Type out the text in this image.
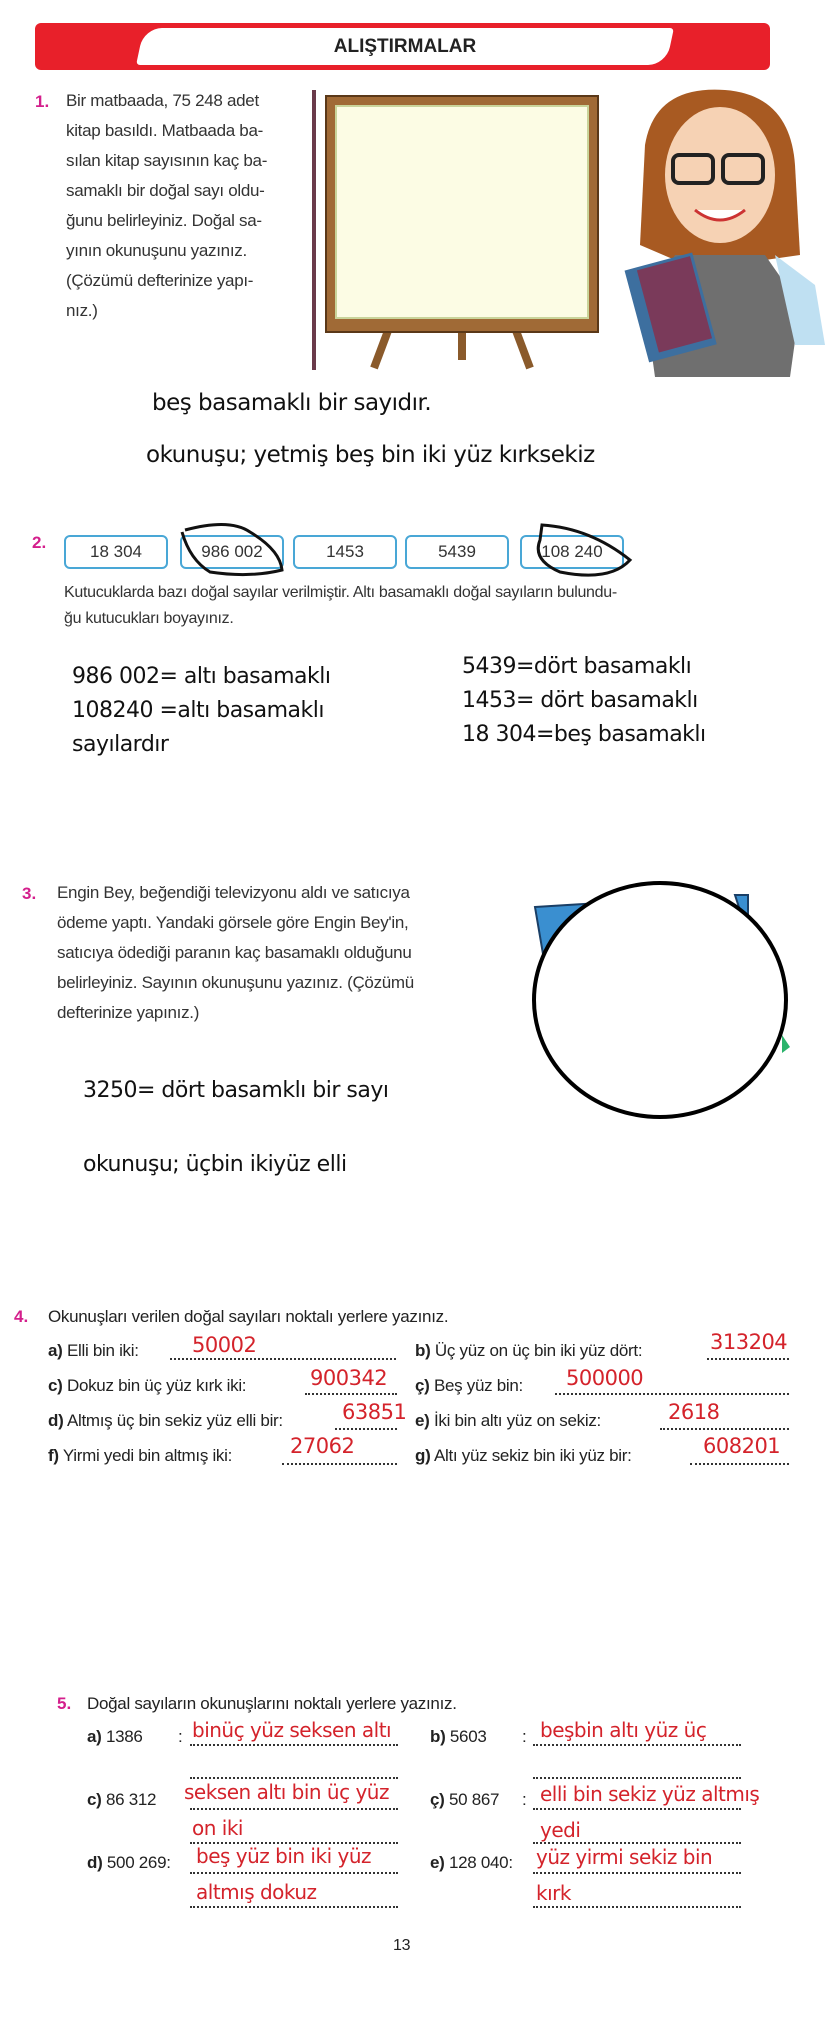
ALIŞTIRMALAR
1. Bir matbaada, 75 248 adet
kitap basıldı. Matbaada ba-
sılan kitap sayısının kaç ba-
samaklı bir doğal sayı oldu-
ğunu belirleyiniz. Doğal sa-
yının okunuşunu yazınız.
(Çözümü defterinize yapı-
nız.)
beş basamaklı bir sayıdır.
okunuşu; yetmiş beş bin iki yüz kırksekiz
2.	18 304	986 002	1453	5439	108 240
Kutucuklarda bazı doğal sayılar verilmiştir. Altı basamaklı doğal sayıların bulundu-
ğu kutucukları boyayınız.
986 002= altı basamaklı
108240 =altı basamaklı
sayılardır
5439=dört basamaklı
1453= dört basamaklı
18 304=beş basamaklı
3. Engin Bey, beğendiği televizyonu aldı ve satıcıya
ödeme yaptı. Yandaki görsele göre Engin Bey'in,
satıcıya ödediği paranın kaç basamaklı olduğunu
belirleyiniz. Sayının okunuşunu yazınız. (Çözümü
defterinize yapınız.)
3250= dört basamklı bir sayı
okunuşu; üçbin ikiyüz elli
4. Okunuşları verilen doğal sayıları noktalı yerlere yazınız.
a) Elli bin iki:	50002	b) Üç yüz on üç bin iki yüz dört:	313204
c) Dokuz bin üç yüz kırk iki:	900342 ç) Beş yüz bin: 500000
d) Altmış üç bin sekiz yüz elli bir:	63851 e) İki bin altı yüz on sekiz:	2618
f) Yirmi yedi bin altmış iki:	27062	g) Altı yüz sekiz bin iki yüz bir:	608201
5. Doğal sayıların okunuşlarını noktalı yerlere yazınız.
a) 1386 : binüç yüz seksen altı b) 5603 : beşbin altı yüz üç
c) 86 312 seksen altı bin üç yüz
on iki
ç) 50 867 : elli bin sekiz yüz altmış
yedi
d) 500 269: beş yüz bin iki yüz
altmış dokuz
e) 128 040: yüz yirmi sekiz bin
kırk
13
